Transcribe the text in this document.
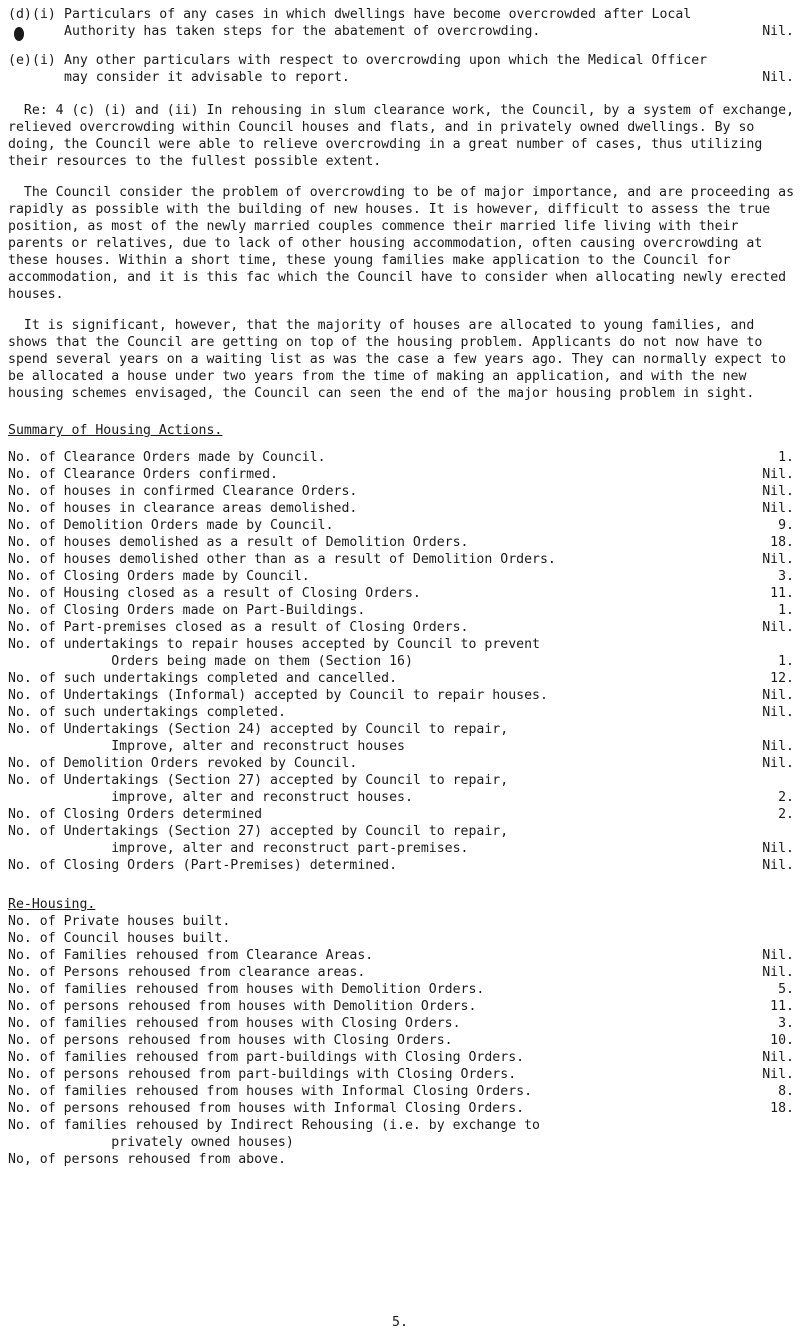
(d) (i) Particulars of any cases in which dwellings have become overcrowded after Local Authority has taken steps for the abatement of overcrowding.	Nil.
(e) (i) Any other particulars with respect to overcrowding upon which the Medical Officer may consider it advisable to report.	Nil.

Re: 4 (c) (i) and (ii) In rehousing in slum clearance work, the Council, by a system of exchange, relieved overcrowding within Council houses and flats, and in privately owned dwellings. By so doing, the Council were able to relieve overcrowding in a great number of cases, thus utilizing their resources to the fullest possible extent.

The Council consider the problem of overcrowding to be of major importance, and are proceeding as rapidly as possible with the building of new houses. It is however, difficult to assess the true position, as most of the newly married couples commence their married life living with their parents or relatives, due to lack of other housing accommodation, often causing overcrowding at these houses. Within a short time, these young families make application to the Council for accommodation, and it is this fac which the Council have to consider when allocating newly erected houses.

It is significant, however, that the majority of houses are allocated to young families, and shows that the Council are getting on top of the housing problem. Applicants do not now have to spend several years on a waiting list as was the case a few years ago. They can normally expect to be allocated a house under two years from the time of making an application, and with the new housing schemes envisaged, the Council can seen the end of the major housing problem in sight.

Summary of Housing Actions.
No. of Clearance Orders made by Council.	1.
No. of Clearance Orders confirmed.	Nil.
No. of houses in confirmed Clearance Orders.	Nil.
No. of houses in clearance areas demolished.	Nil.
No. of Demolition Orders made by Council.	9.
No. of houses demolished as a result of Demolition Orders.	18.
No. of houses demolished other than as a result of Demolition Orders.	Nil.
No. of Closing Orders made by Council.	3.
No. of Housing closed as a result of Closing Orders.	11.
No. of Closing Orders made on Part-Buildings.	1.
No. of Part-premises closed as a result of Closing Orders.	Nil.
No. of undertakings to repair houses accepted by Council to prevent
Orders being made on them (Section 16)	1.
No. of such undertakings completed and cancelled.	12.
No. of Undertakings (Informal) accepted by Council to repair houses.	Nil.
No. of such undertakings completed.	Nil.
No. of Undertakings (Section 24) accepted by Council to repair,
Improve, alter and reconstruct houses	Nil.
No. of Demolition Orders revoked by Council.	Nil.
No. of Undertakings (Section 27) accepted by Council to repair,
improve, alter and reconstruct houses.	2.
No. of Closing Orders determined	2.
No. of Undertakings (Section 27) accepted by Council to repair,
improve, alter and reconstruct part-premises.	Nil.
No. of Closing Orders (Part-Premises) determined.	Nil.
Re-Housing.
No. of Private houses built.
No. of Council houses built.
No. of Families rehoused from Clearance Areas.	Nil.
No. of Persons rehoused from clearance areas.	Nil.
No. of families rehoused from houses with Demolition Orders.	5.
No. of persons rehoused from houses with Demolition Orders.	11.
No. of families rehoused from houses with Closing Orders.	3.
No. of persons rehoused from houses with Closing Orders.	10.
No. of families rehoused from part-buildings with Closing Orders.	Nil.
No. of persons rehoused from part-buildings with Closing Orders.	Nil.
No. of families rehoused from houses with Informal Closing Orders.	8.
No. of persons rehoused from houses with Informal Closing Orders.	18.
No. of families rehoused by Indirect Rehousing (i.e. by exchange to
privately owned houses)
No, of persons rehoused from above.
5.
